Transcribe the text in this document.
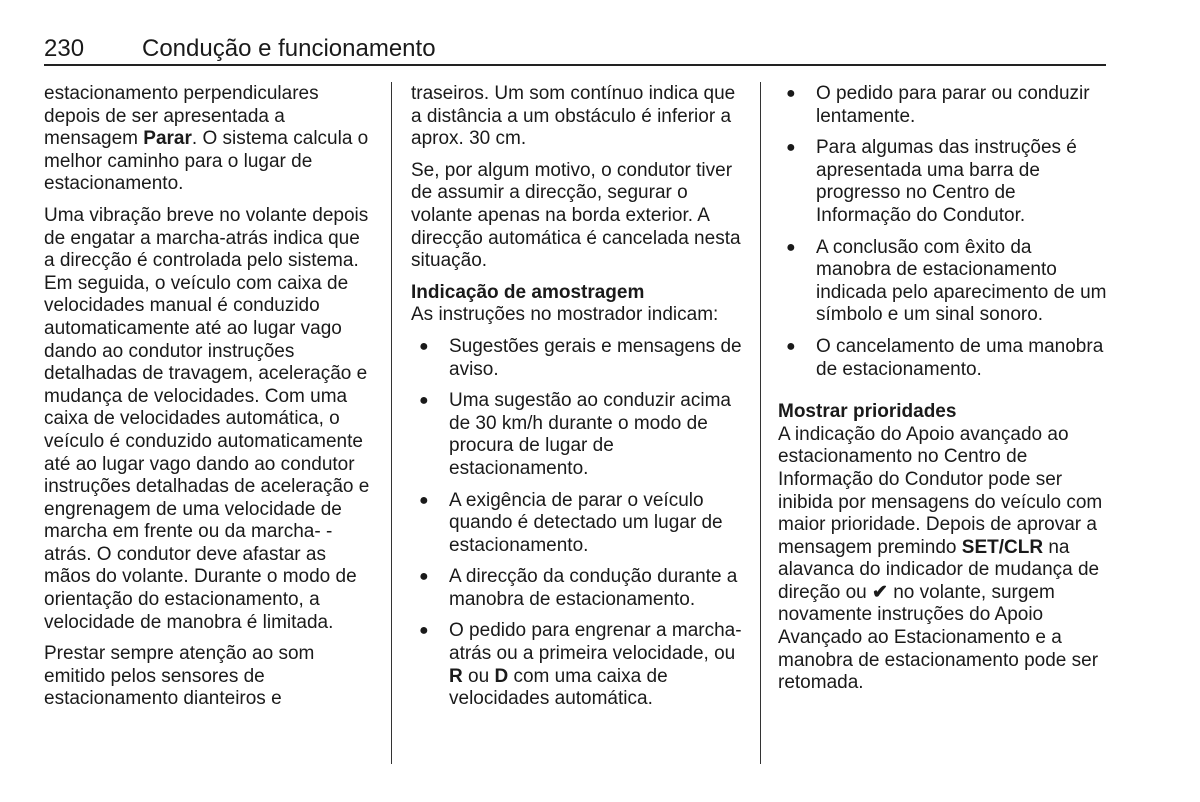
230 Condução e funcionamento

estacionamento perpendiculares depois de ser apresentada a mensagem Parar. O sistema calcula o melhor caminho para o lugar de estacionamento.

Uma vibração breve no volante depois de engatar a marcha-atrás indica que a direcção é controlada pelo sistema. Em seguida, o veículo com caixa de velocidades manual é conduzido automaticamente até ao lugar vago dando ao condutor instruções detalhadas de travagem, aceleração e mudança de velocidades. Com uma caixa de velocidades automática, o veículo é conduzido automaticamente até ao lugar vago dando ao condutor instruções detalhadas de aceleração e engrenagem de uma velocidade de marcha em frente ou da marcha- -atrás. O condutor deve afastar as mãos do volante. Durante o modo de orientação do estacionamento, a velocidade de manobra é limitada.

Prestar sempre atenção ao som emitido pelos sensores de estacionamento dianteiros e

traseiros. Um som contínuo indica que a distância a um obstáculo é inferior a aprox. 30 cm.

Se, por algum motivo, o condutor tiver de assumir a direcção, segurar o volante apenas na borda exterior. A direcção automática é cancelada nesta situação.

Indicação de amostragem

As instruções no mostrador indicam:

● Sugestões gerais e mensagens de aviso.
● Uma sugestão ao conduzir acima de 30 km/h durante o modo de procura de lugar de estacionamento.
● A exigência de parar o veículo quando é detectado um lugar de estacionamento.
● A direcção da condução durante a manobra de estacionamento.
● O pedido para engrenar a marcha-atrás ou a primeira velocidade, ou R ou D com uma caixa de velocidades automática.
● O pedido para parar ou conduzir lentamente.
● Para algumas das instruções é apresentada uma barra de progresso no Centro de Informação do Condutor.
● A conclusão com êxito da manobra de estacionamento indicada pelo aparecimento de um símbolo e um sinal sonoro.
● O cancelamento de uma manobra de estacionamento.

Mostrar prioridades

A indicação do Apoio avançado ao estacionamento no Centro de Informação do Condutor pode ser inibida por mensagens do veículo com maior prioridade. Depois de aprovar a mensagem premindo SET/CLR na alavanca do indicador de mudança de direção ou ✔ no volante, surgem novamente instruções do Apoio Avançado ao Estacionamento e a manobra de estacionamento pode ser retomada.
